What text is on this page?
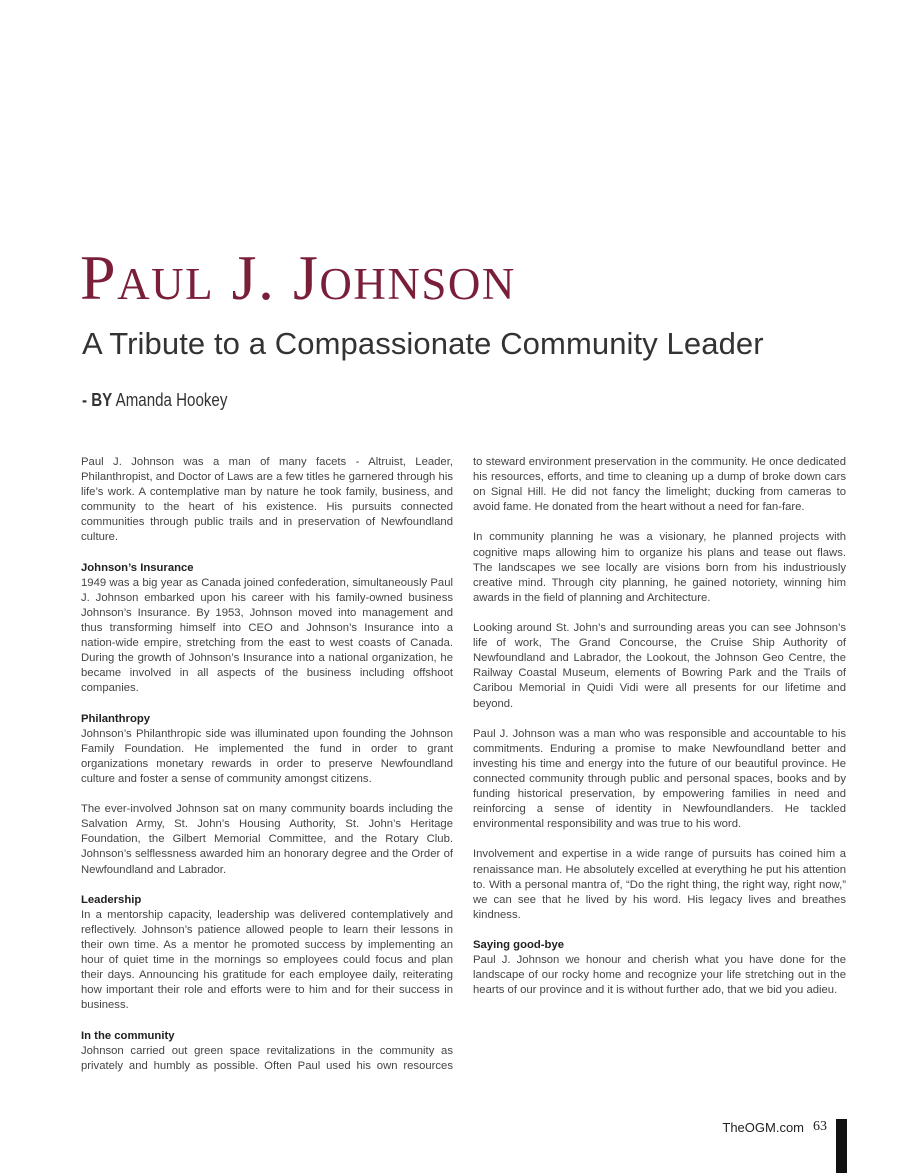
Paul J. Johnson
A Tribute to a Compassionate Community Leader
- BY Amanda Hookey

Paul J. Johnson was a man of many facets - Altruist, Leader, Philanthropist, and Doctor of Laws are a few titles he garnered through his life’s work. A contemplative man by nature he took family, business, and community to the heart of his existence. His pursuits connected communities through public trails and in preservation of Newfoundland culture.

Johnson’s Insurance

1949 was a big year as Canada joined confederation, simultaneously Paul J. Johnson embarked upon his career with his family-owned business Johnson’s Insurance. By 1953, Johnson moved into management and thus transforming himself into CEO and Johnson’s Insurance into a nation-wide empire, stretching from the east to west coasts of Canada. During the growth of Johnson’s Insurance into a national organization, he became involved in all aspects of the business including offshoot companies.

Philanthropy

Johnson’s Philanthropic side was illuminated upon founding the Johnson Family Foundation. He implemented the fund in order to grant organizations monetary rewards in order to preserve Newfoundland culture and foster a sense of community amongst citizens.

The ever-involved Johnson sat on many community boards including the Salvation Army, St. John’s Housing Authority, St. John’s Heritage Foundation, the Gilbert Memorial Committee, and the Rotary Club. Johnson’s selflessness awarded him an honorary degree and the Order of Newfoundland and Labrador.

Leadership

In a mentorship capacity, leadership was delivered contemplatively and reflectively. Johnson’s patience allowed people to learn their lessons in their own time. As a mentor he promoted success by implementing an hour of quiet time in the mornings so employees could focus and plan their days. Announcing his gratitude for each employee daily, reiterating how important their role and efforts were to him and for their success in business.

In the community

Johnson carried out green space revitalizations in the community as privately and humbly as possible. Often Paul used his own resources

to steward environment preservation in the community. He once dedicated his resources, efforts, and time to cleaning up a dump of broke down cars on Signal Hill. He did not fancy the limelight; ducking from cameras to avoid fame. He donated from the heart without a need for fan-fare.

In community planning he was a visionary, he planned projects with cognitive maps allowing him to organize his plans and tease out flaws. The landscapes we see locally are visions born from his industriously creative mind. Through city planning, he gained notoriety, winning him awards in the field of planning and Architecture.

Looking around St. John’s and surrounding areas you can see Johnson’s life of work, The Grand Concourse, the Cruise Ship Authority of Newfoundland and Labrador, the Lookout, the Johnson Geo Centre, the Railway Coastal Museum, elements of Bowring Park and the Trails of Caribou Memorial in Quidi Vidi were all presents for our lifetime and beyond.

Paul J. Johnson was a man who was responsible and accountable to his commitments. Enduring a promise to make Newfoundland better and investing his time and energy into the future of our beautiful province. He connected community through public and personal spaces, books and by funding historical preservation, by empowering families in need and reinforcing a sense of identity in Newfoundlanders. He tackled environmental responsibility and was true to his word.

Involvement and expertise in a wide range of pursuits has coined him a renaissance man. He absolutely excelled at everything he put his attention to. With a personal mantra of, “Do the right thing, the right way, right now,” we can see that he lived by his word. His legacy lives and breathes kindness.

Saying good-bye

Paul J. Johnson we honour and cherish what you have done for the landscape of our rocky home and recognize your life stretching out in the hearts of our province and it is without further ado, that we bid you adieu.

TheOGM.com 63
